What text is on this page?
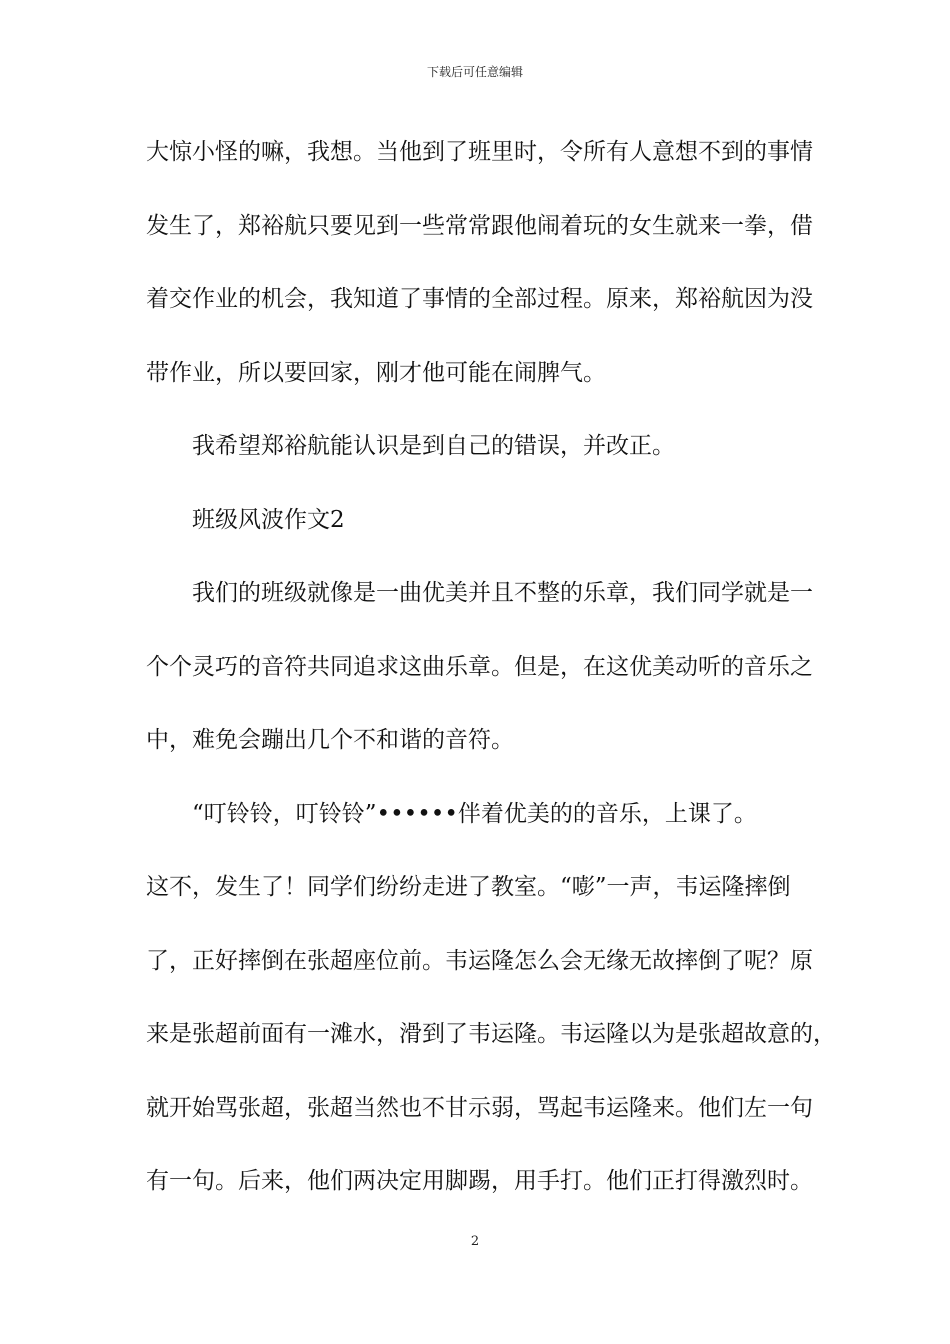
下载后可任意编辑
大惊小怪的嘛，我想。当他到了班里时，令所有人意想不到的事情
发生了，郑裕航只要见到一些常常跟他闹着玩的女生就来一拳，借
着交作业的机会，我知道了事情的全部过程。原来，郑裕航因为没
带作业，所以要回家，刚才他可能在闹脾气。
我希望郑裕航能认识是到自己的错误，并改正。
班级风波作文2
我们的班级就像是一曲优美并且不整的乐章，我们同学就是一
个个灵巧的音符共同追求这曲乐章。但是，在这优美动听的音乐之
中，难免会蹦出几个不和谐的音符。
“叮铃铃，叮铃铃”••••••伴着优美的的音乐，上课了。
这不，发生了！同学们纷纷走进了教室。“嘭”一声，韦运隆摔倒
了，正好摔倒在张超座位前。韦运隆怎么会无缘无故摔倒了呢？原
来是张超前面有一滩水，滑到了韦运隆。韦运隆以为是张超故意的，
就开始骂张超，张超当然也不甘示弱，骂起韦运隆来。他们左一句
有一句。后来，他们两决定用脚踢，用手打。他们正打得激烈时。
2
